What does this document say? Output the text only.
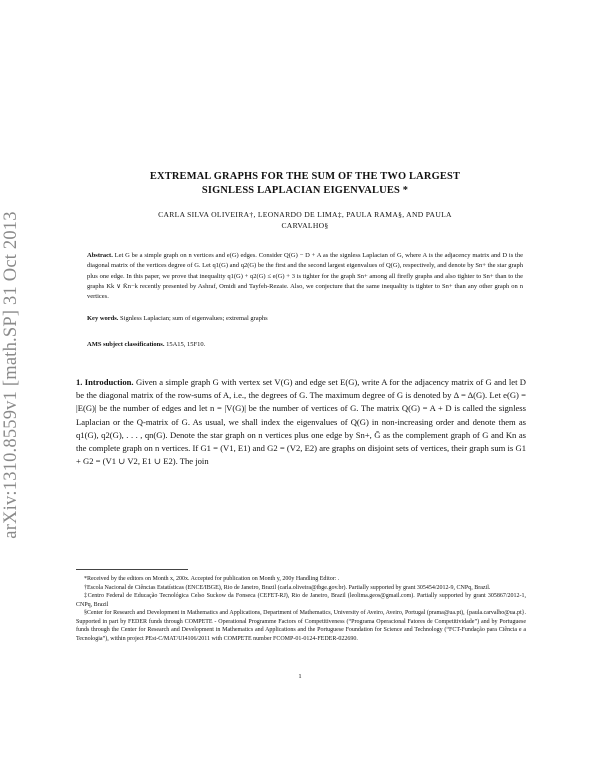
arXiv:1310.8559v1 [math.SP] 31 Oct 2013
EXTREMAL GRAPHS FOR THE SUM OF THE TWO LARGEST
SIGNLESS LAPLACIAN EIGENVALUES *
CARLA SILVA OLIVEIRA†, LEONARDO DE LIMA‡, PAULA RAMA§, AND PAULA
CARVALHO§
Abstract. Let G be a simple graph on n vertices and e(G) edges. Consider Q(G) − D + A as the signless Laplacian of G, where A is the adjacency matrix and D is the diagonal matrix of the vertices degree of G. Let q1(G) and q2(G) be the first and the second largest eigenvalues of Q(G), respectively, and denote by Sn+ the star graph plus one edge. In this paper, we prove that inequality q1(G) + q2(G) ≤ e(G) + 3 is tighter for the graph Sn+ among all firefly graphs and also tighter to Sn+ than to the graphs Kk ∨ K̄n−k recently presented by Ashraf, Omidi and Tayfeh-Rezaie. Also, we conjecture that the same inequality is tighter to Sn+ than any other graph on n vertices.
Key words. Signless Laplacian; sum of eigenvalues; extremal graphs
AMS subject classifications. 15A15, 15F10.
1. Introduction. Given a simple graph G with vertex set V(G) and edge set E(G), write A for the adjacency matrix of G and let D be the diagonal matrix of the row-sums of A, i.e., the degrees of G. The maximum degree of G is denoted by Δ = Δ(G). Let e(G) = |E(G)| be the number of edges and let n = |V(G)| be the number of vertices of G. The matrix Q(G) = A + D is called the signless Laplacian or the Q-matrix of G. As usual, we shall index the eigenvalues of Q(G) in non-increasing order and denote them as q1(G), q2(G), . . . , qn(G). Denote the star graph on n vertices plus one edge by Sn+, Ḡ as the complement graph of G and Kn as the complete graph on n vertices. If G1 = (V1, E1) and G2 = (V2, E2) are graphs on disjoint sets of vertices, their graph sum is G1 + G2 = (V1 ∪ V2, E1 ∪ E2). The join

*Received by the editors on Month x, 200x. Accepted for publication on Month y, 200y Handling Editor: .

†Escola Nacional de Ciências Estatísticas (ENCE/IBGE), Rio de Janeiro, Brazil (carla.oliveira@ibge.gov.br). Partially supported by grant 305454/2012-9, CNPq, Brazil.

‡Centro Federal de Educação Tecnológica Celso Suckow da Fonseca (CEFET-RJ), Rio de Janeiro, Brazil (leolima.geos@gmail.com). Partially supported by grant 305867/2012-1, CNPq, Brazil

§Center for Research and Development in Mathematics and Applications, Department of Mathematics, University of Aveiro, Aveiro, Portugal (prama@ua.pt), {paula.carvalho@ua.pt}. Supported in part by FEDER funds through COMPETE - Operational Programme Factors of Competitiveness (“Programa Operacional Fatores de Competitividade”) and by Portuguese funds through the Center for Research and Development in Mathematics and Applications and the Portuguese Foundation for Science and Technology (“FCT-Fundação para Ciência e a Tecnologia”), within project PEst-C/MAT/UI4106/2011 with COMPETE number FCOMP-01-0124-FEDER-022690.

1
